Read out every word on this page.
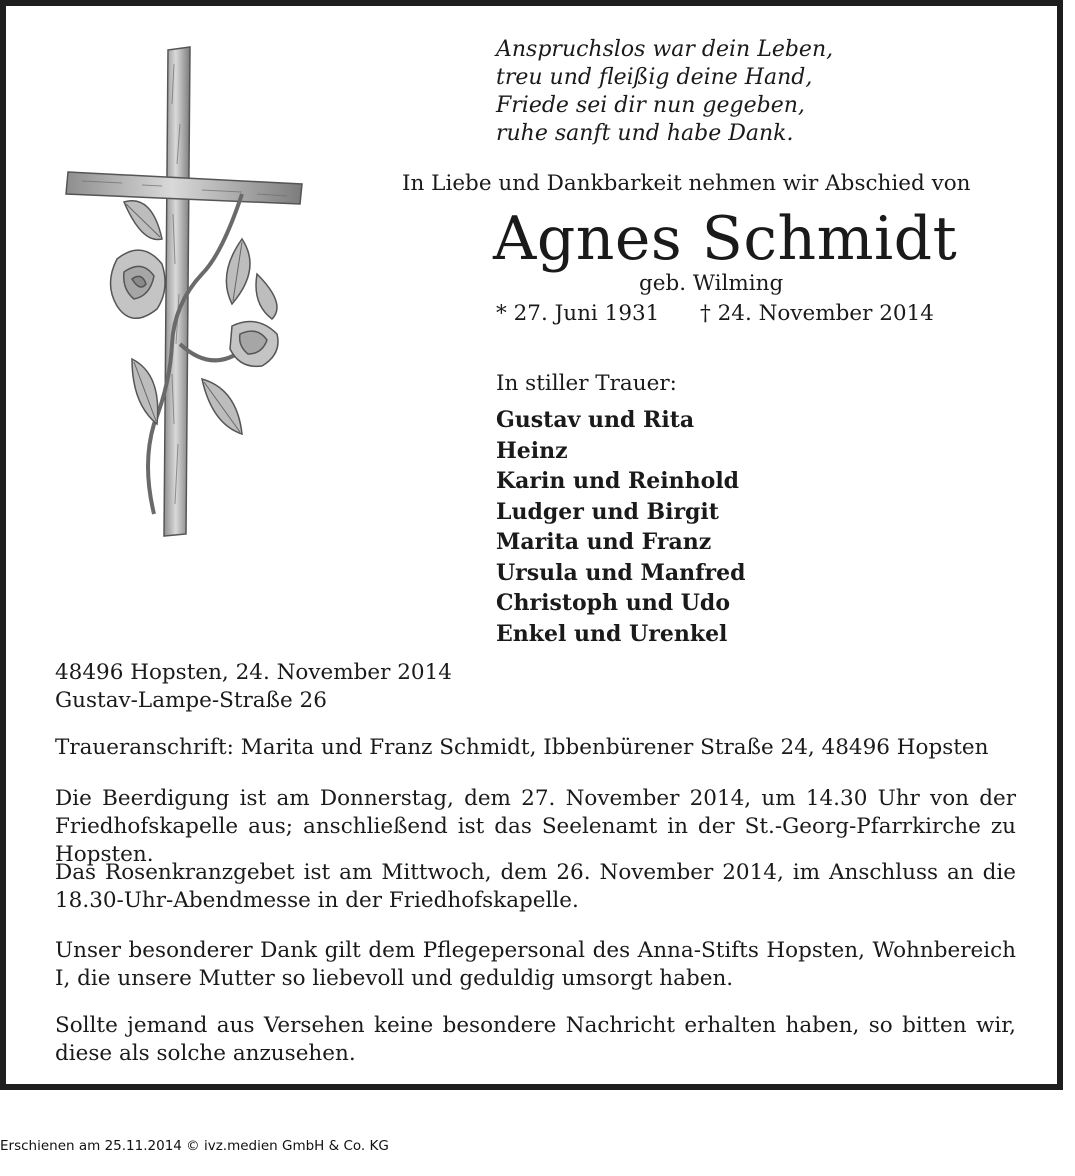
Anspruchslos war dein Leben,
treu und fleißig deine Hand,
Friede sei dir nun gegeben,
ruhe sanft und habe Dank.
In Liebe und Dankbarkeit nehmen wir Abschied von
Agnes Schmidt
geb. Wilming
* 27. Juni 1931 † 24. November 2014
In stiller Trauer:
Gustav und Rita
Heinz
Karin und Reinhold
Ludger und Birgit
Marita und Franz
Ursula und Manfred
Christoph und Udo
Enkel und Urenkel
48496 Hopsten, 24. November 2014
Gustav-Lampe-Straße 26
Traueranschrift: Marita und Franz Schmidt, Ibbenbürener Straße 24, 48496 Hopsten
Die Beerdigung ist am Donnerstag, dem 27. November 2014, um 14.30 Uhr von der Friedhofskapelle aus; anschließend ist das Seelenamt in der St.-Georg-Pfarrkirche zu Hopsten.
Das Rosenkranzgebet ist am Mittwoch, dem 26. November 2014, im Anschluss an die 18.30-Uhr-Abendmesse in der Friedhofskapelle.
Unser besonderer Dank gilt dem Pflegepersonal des Anna-Stifts Hopsten, Wohnbereich I, die unsere Mutter so liebevoll und geduldig umsorgt haben.
Sollte jemand aus Versehen keine besondere Nachricht erhalten haben, so bitten wir, diese als solche anzusehen.
Erschienen am 25.11.2014 © ivz.medien GmbH & Co. KG
